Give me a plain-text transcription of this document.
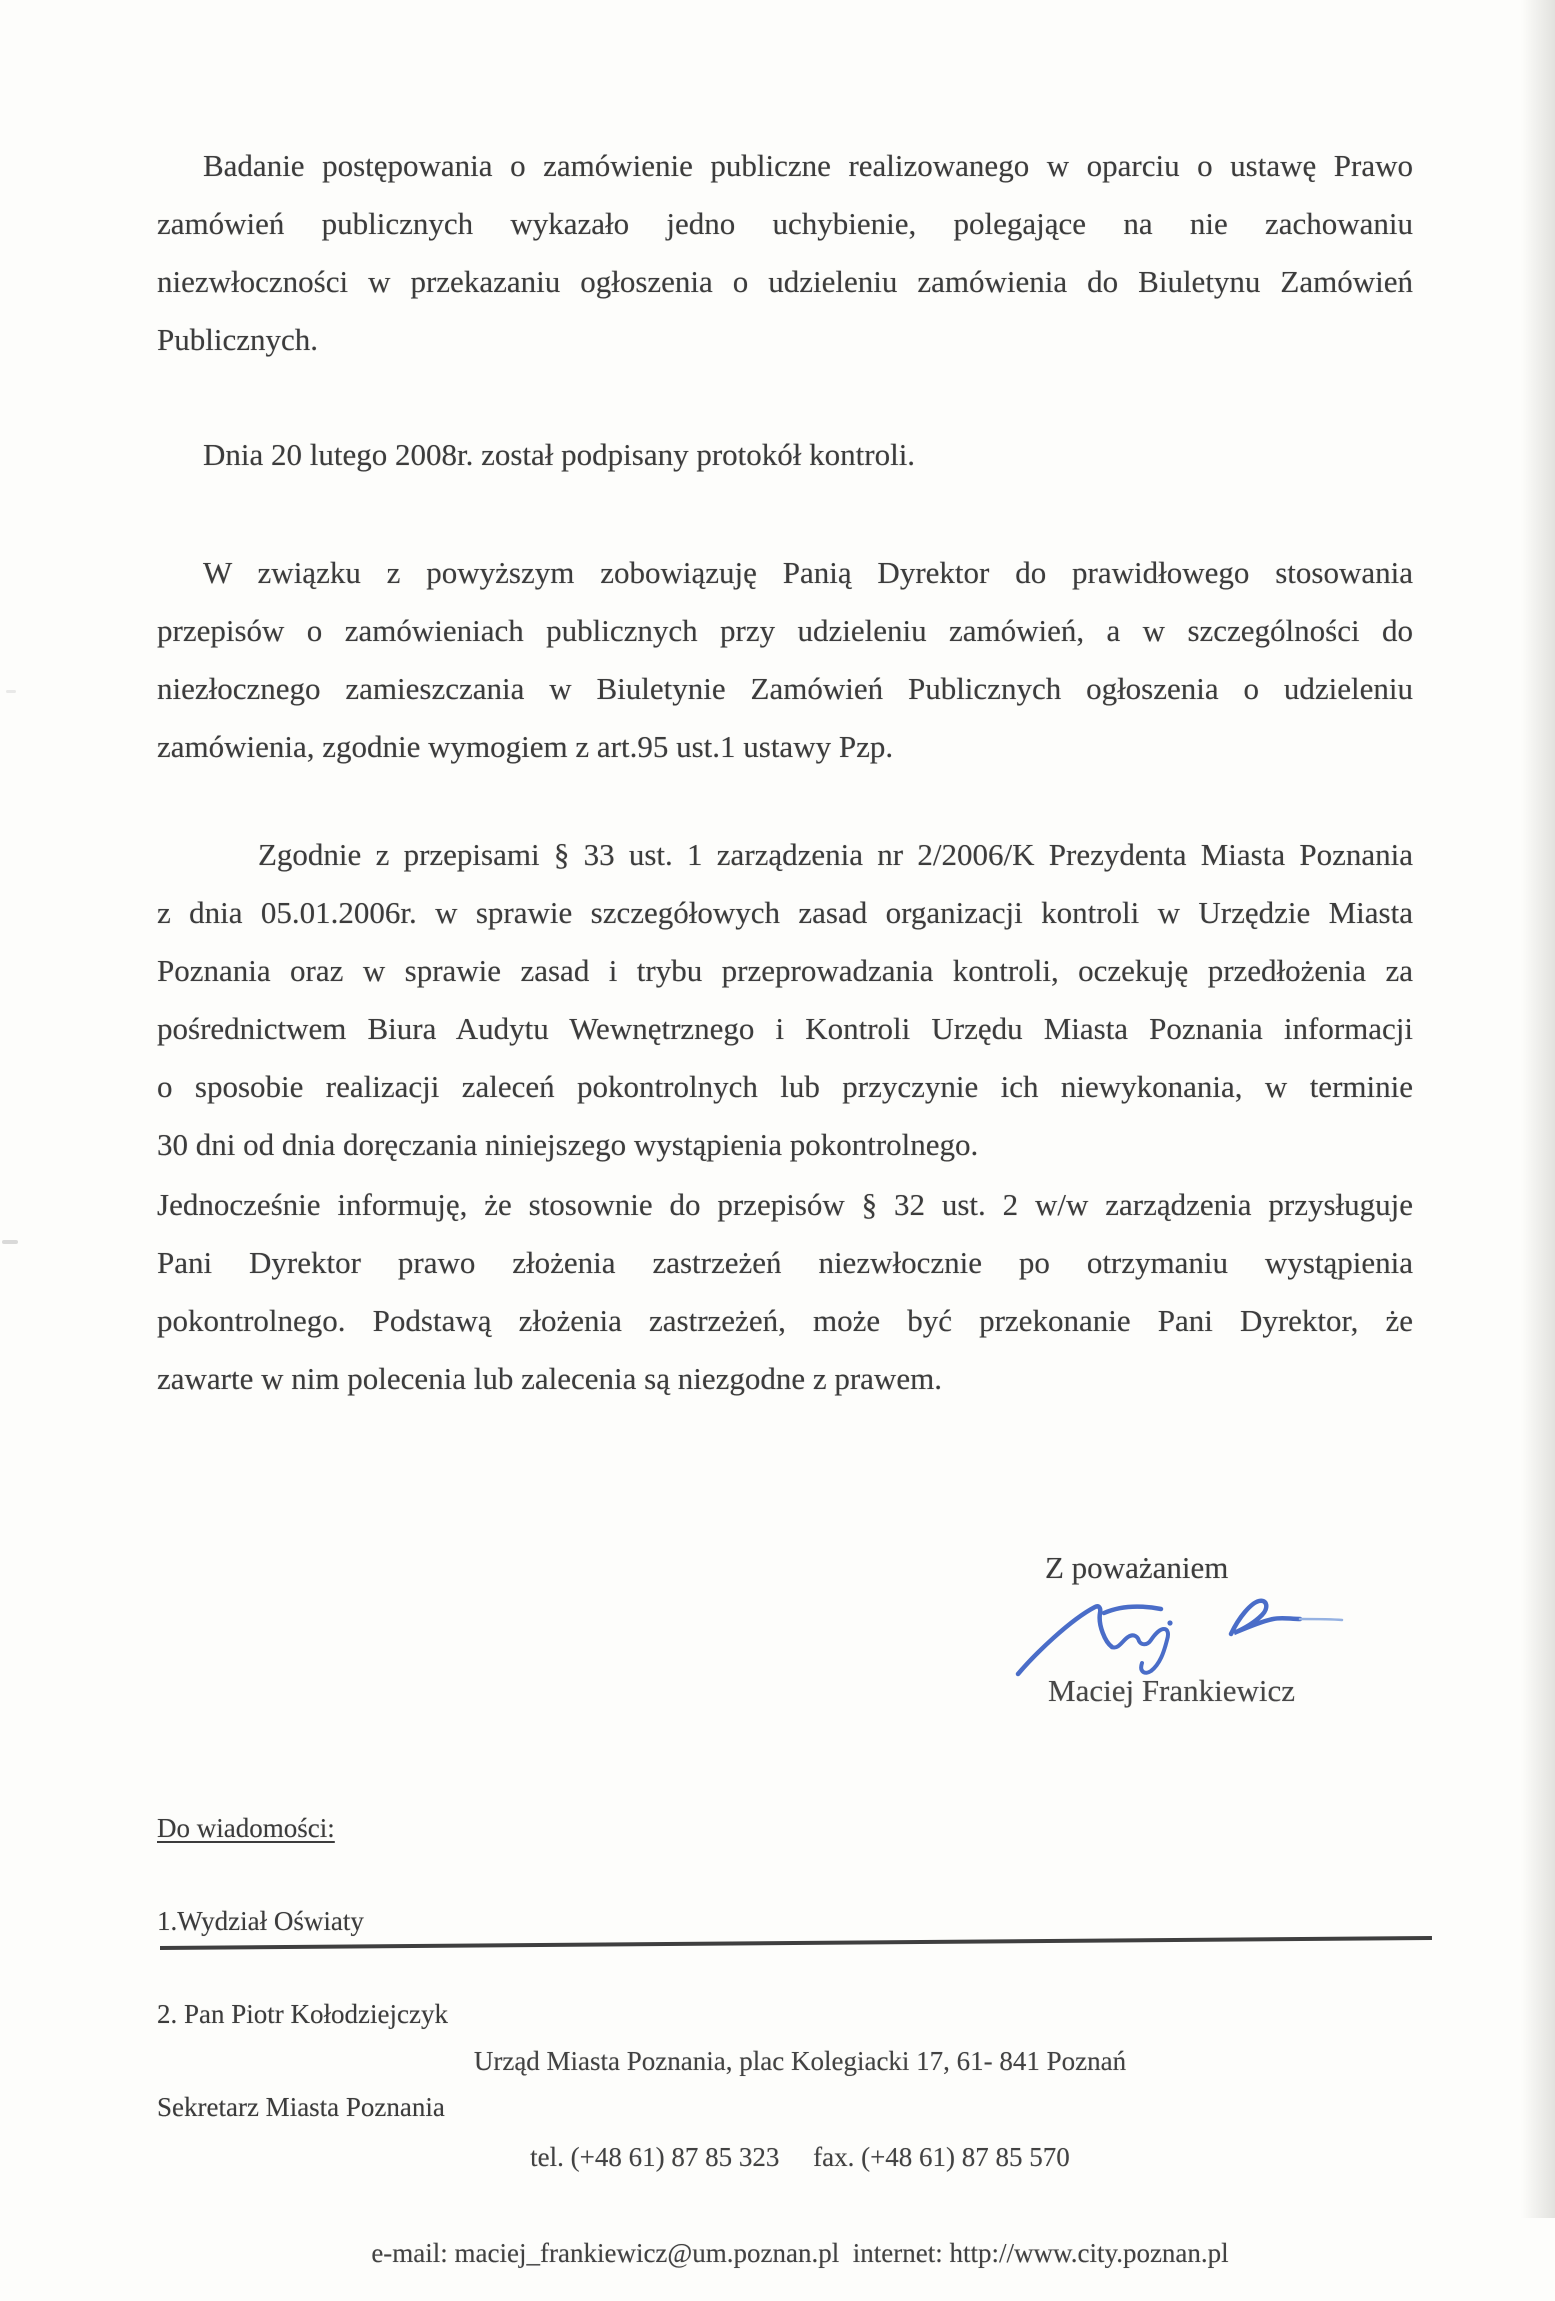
Badanie postępowania o zamówienie publiczne realizowanego w oparciu o ustawę Prawo
zamówień publicznych wykazało jedno uchybienie, polegające na nie zachowaniu
niezwłoczności w przekazaniu ogłoszenia o udzieleniu zamówienia do Biuletynu Zamówień
Publicznych.
Dnia 20 lutego 2008r. został podpisany protokół kontroli.
W związku z powyższym zobowiązuję Panią Dyrektor do prawidłowego stosowania
przepisów o zamówieniach publicznych przy udzieleniu zamówień, a w szczególności do
niezłocznego zamieszczania w Biuletynie Zamówień Publicznych ogłoszenia o udzieleniu
zamówienia, zgodnie wymogiem z art.95 ust.1 ustawy Pzp.
Zgodnie z przepisami § 33 ust. 1 zarządzenia nr 2/2006/K Prezydenta Miasta Poznania
z dnia 05.01.2006r. w sprawie szczegółowych zasad organizacji kontroli w Urzędzie Miasta
Poznania oraz w sprawie zasad i trybu przeprowadzania kontroli, oczekuję przedłożenia za
pośrednictwem Biura Audytu Wewnętrznego i Kontroli Urzędu Miasta Poznania informacji
o sposobie realizacji zaleceń pokontrolnych lub przyczynie ich niewykonania, w terminie
30 dni od dnia doręczania niniejszego wystąpienia pokontrolnego.
Jednocześnie informuję, że stosownie do przepisów § 32 ust. 2 w/w zarządzenia przysługuje
Pani Dyrektor prawo złożenia zastrzeżeń niezwłocznie po otrzymaniu wystąpienia
pokontrolnego. Podstawą złożenia zastrzeżeń, może być przekonanie Pani Dyrektor, że
zawarte w nim polecenia lub zalecenia są niezgodne z prawem.
Z poważaniem
Maciej Frankiewicz

Do wiadomości:

1.Wydział Oświaty

2. Pan Piotr Kołodziejczyk

Sekretarz Miasta Poznania

Urząd Miasta Poznania, plac Kolegiacki 17, 61- 841 Poznań

tel. (+48 61) 87 85 323     fax. (+48 61) 87 85 570

e-mail: maciej_frankiewicz@um.poznan.pl  internet: http://www.city.poznan.pl
